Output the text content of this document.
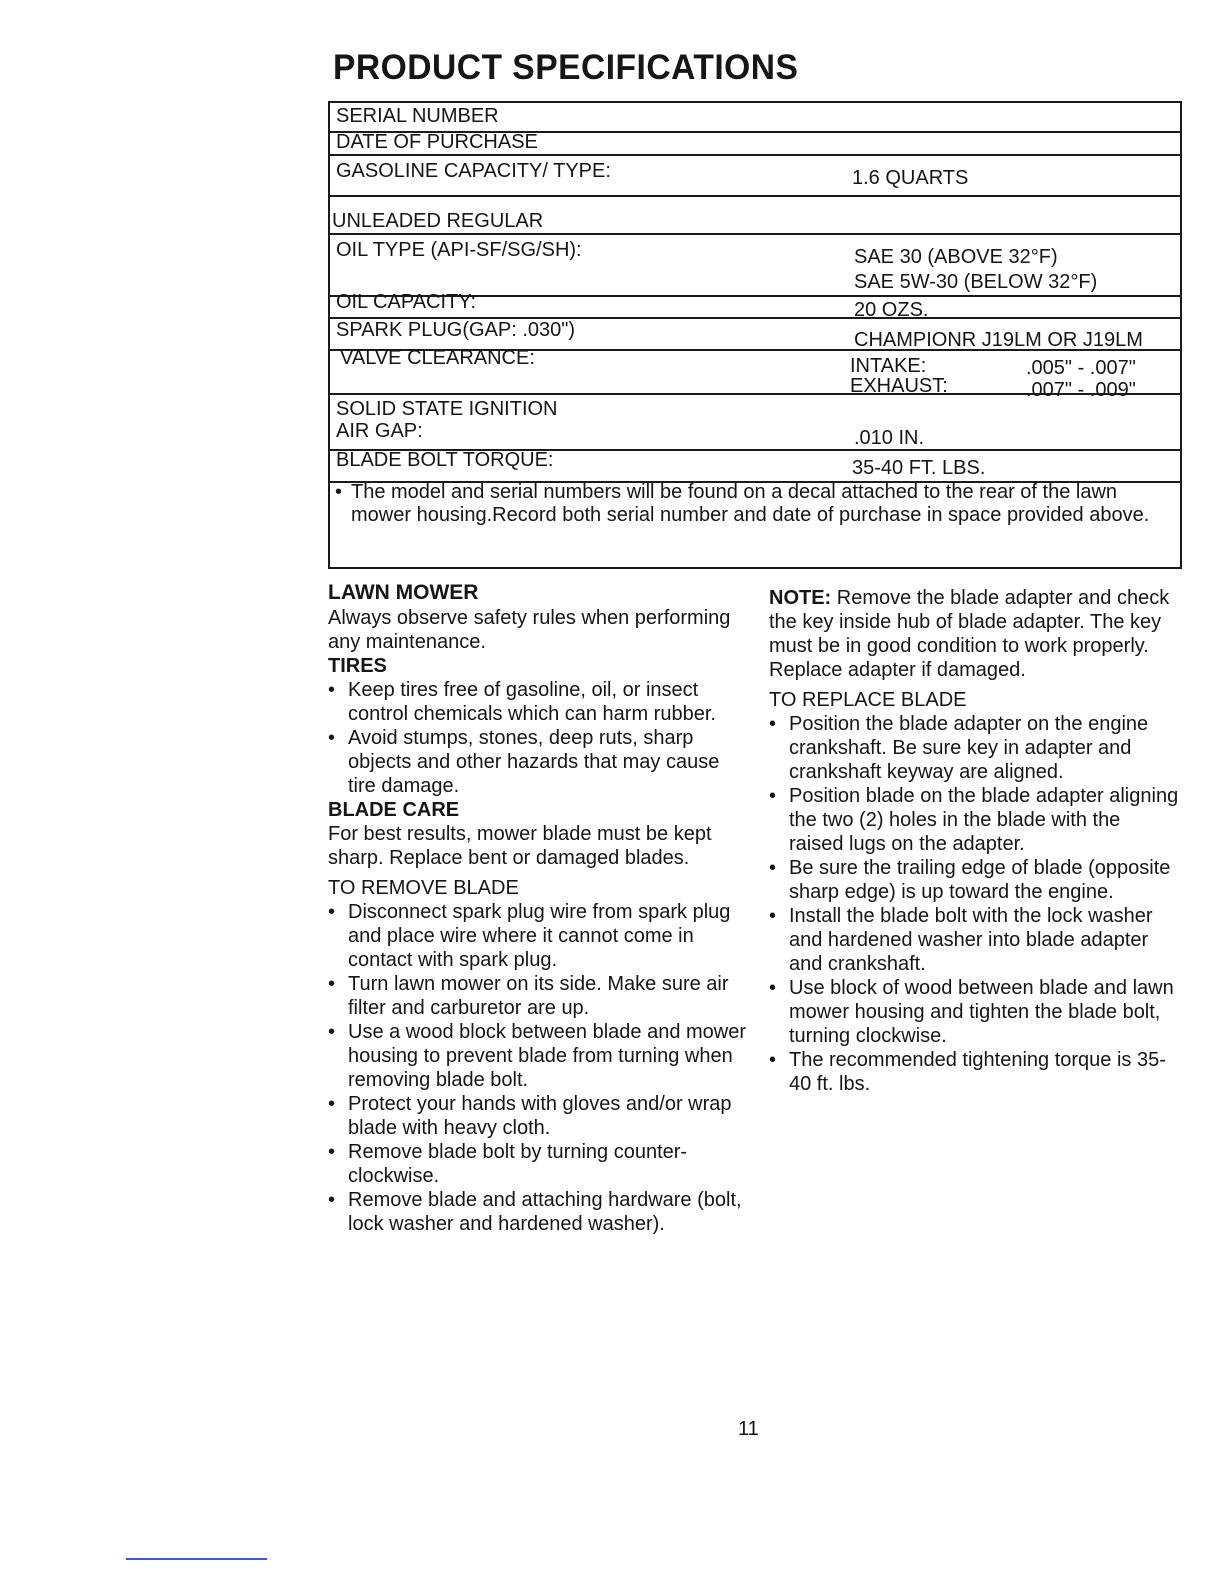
PRODUCT SPECIFICATIONS
SERIAL NUMBER
DATE OF PURCHASE
GASOLINE CAPACITY/ TYPE:	1.6 QUARTS
UNLEADED REGULAR
OIL TYPE (API-SF/SG/SH):	SAE 30 (ABOVE 32°F)
SAE 5W-30 (BELOW 32°F)
OIL CAPACITY:	20 OZS.
SPARK PLUG(GAP: .030")	CHAMPIONR J19LM OR J19LM
VALVE CLEARANCE:	INTAKE:	.005" - .007"
EXHAUST:	.007" - .009"
SOLID STATE IGNITION
AIR GAP:	.010 IN.
BLADE BOLT TORQUE:	35-40 FT. LBS.
• The model and serial numbers will be found on a decal attached to the rear of the lawn mower housing.Record both serial number and date of purchase in space provided above.

LAWN MOWER

Always observe safety rules when performing any maintenance.

TIRES

• Keep tires free of gasoline, oil, or insect control chemicals which can harm rubber.
• Avoid stumps, stones, deep ruts, sharp objects and other hazards that may cause tire damage.

BLADE CARE

For best results, mower blade must be kept sharp. Replace bent or damaged blades.

TO REMOVE BLADE

• Disconnect spark plug wire from spark plug and place wire where it cannot come in contact with spark plug.
• Turn lawn mower on its side. Make sure air filter and carburetor are up.
• Use a wood block between blade and mower housing to prevent blade from turning when removing blade bolt.
• Protect your hands with gloves and/or wrap blade with heavy cloth.
• Remove blade bolt by turning counter-clockwise.
• Remove blade and attaching hardware (bolt, lock washer and hardened washer).

NOTE: Remove the blade adapter and check the key inside hub of blade adapter. The key must be in good condition to work properly. Replace adapter if damaged.

TO REPLACE BLADE

• Position the blade adapter on the engine crankshaft. Be sure key in adapter and crankshaft keyway are aligned.
• Position blade on the blade adapter aligning the two (2) holes in the blade with the raised lugs on the adapter.
• Be sure the trailing edge of blade (opposite sharp edge) is up toward the engine.
• Install the blade bolt with the lock washer and hardened washer into blade adapter and crankshaft.
• Use block of wood between blade and lawn mower housing and tighten the blade bolt, turning clockwise.
• The recommended tightening torque is 35-40 ft. lbs.
11
